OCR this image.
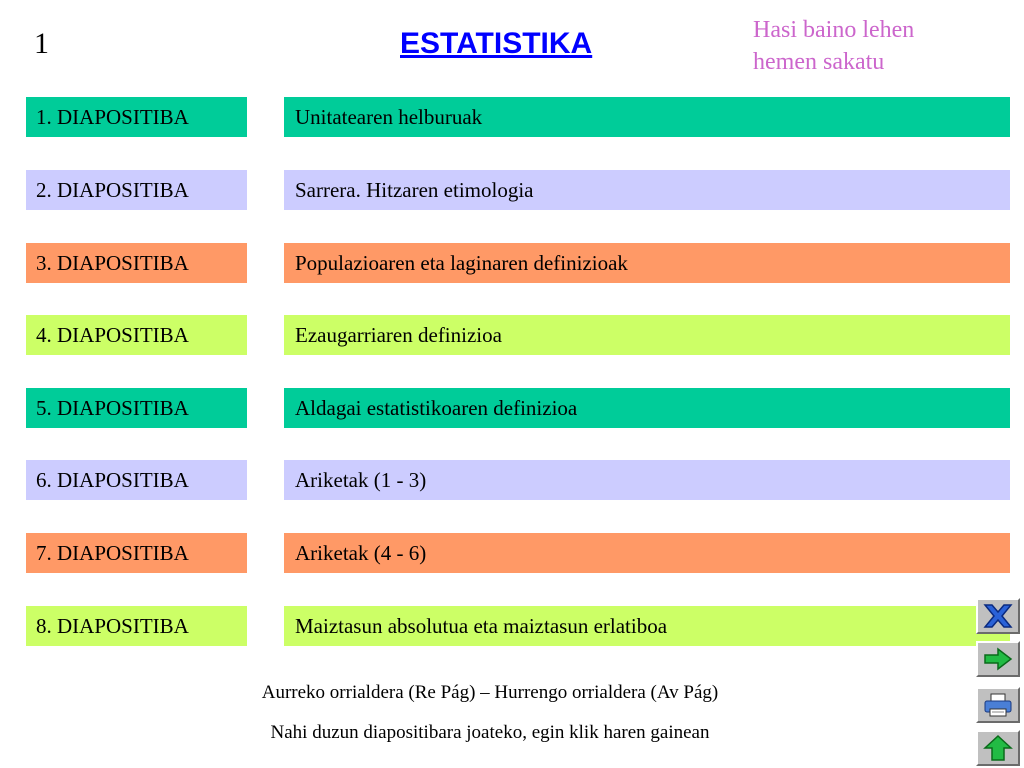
1	ESTATISTIKA	Hasi baino lehen
hemen sakatu
1. DIAPOSITIBA	Unitatearen helburuak
2. DIAPOSITIBA	Sarrera. Hitzaren etimologia
3. DIAPOSITIBA	Populazioaren eta laginaren definizioak
4. DIAPOSITIBA	Ezaugarriaren definizioa
5. DIAPOSITIBA	Aldagai estatistikoaren definizioa
6. DIAPOSITIBA	Ariketak (1 - 3)
7. DIAPOSITIBA	Ariketak (4 - 6)
8. DIAPOSITIBA	Maiztasun absolutua eta maiztasun erlatiboa
Aurreko orrialdera (Re Pág) – Hurrengo orrialdera (Av Pág)
Nahi duzun diapositibara joateko, egin klik haren gainean
